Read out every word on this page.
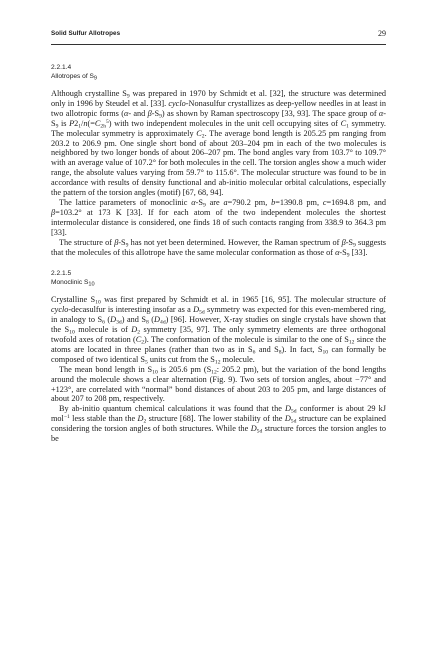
Solid Sulfur Allotropes	29
2.2.1.4
Allotropes of $S_9$

Although crystalline $S_9$ was prepared in 1970 by Schmidt et al. [32], the structure was determined only in 1996 by Steudel et al. [33]. cyclo-Nonasulfur crystallizes as deep-yellow needles in at least in two allotropic forms (α- and $\beta-S_9$) as shown by Raman spectroscopy [33, 93]. The space group of $\alpha-S_9$ is $P2_1/n(=C_{2h}^5)$ with two independent molecules in the unit cell occupying sites of $C_1$ symmetry. The molecular symmetry is approximately $C_2$. The average bond length is 205.25 pm ranging from 203.2 to 206.9 pm. One single short bond of about 203–204 pm in each of the two molecules is neighbored by two longer bonds of about 206–207 pm. The bond angles vary from 103.7° to 109.7° with an average value of 107.2° for both molecules in the cell. The torsion angles show a much wider range, the absolute values varying from 59.7° to 115.6°. The molecular structure was found to be in accordance with results of density functional and ab-initio molecular orbital calculations, especially the pattern of the torsion angles (motif) [67, 68, 94].

The lattice parameters of monoclinic $\alpha-S_9$ are a=790.2 pm, b=1390.8 pm, c=1694.8 pm, and β=103.2° at 173 K [33]. If for each atom of the two independent molecules the shortest intermolecular distance is considered, one finds 18 of such contacts ranging from 338.9 to 364.3 pm [33].

The structure of $\beta-S_9$ has not yet been determined. However, the Raman spectrum of $\beta-S_9$ suggests that the molecules of this allotrope have the same molecular conformation as those of $\alpha-S_9$ [33].

2.2.1.5
Monoclinic $S_{10}$

Crystalline $S_{10}$ was first prepared by Schmidt et al. in 1965 [16, 95]. The molecular structure of cyclo-decasulfur is interesting insofar as a $D_{5d}$ symmetry was expected for this even-membered ring, in analogy to $S_6$ $(D_{3d})$ and $S_8$ $(D_{4d})$ [96]. However, X-ray studies on single crystals have shown that the $S_{10}$ molecule is of $D_2$ symmetry [35, 97]. The only symmetry elements are three orthogonal twofold axes of rotation $(C_2)$. The conformation of the molecule is similar to the one of $S_{12}$ since the atoms are located in three planes (rather than two as in $S_6$ and $S_8$). In fact, $S_{10}$ can formally be composed of two identical $S_5$ units cut from the $S_{12}$ molecule.

The mean bond length in $S_{10}$ is 205.6 pm ($S_{12}$: 205.2 pm), but the variation of the bond lengths around the molecule shows a clear alternation (Fig. 9). Two sets of torsion angles, about −77° and +123°, are correlated with “normal” bond distances of about 203 to 205 pm, and large distances of about 207 to 208 pm, respectively.

By ab-initio quantum chemical calculations it was found that the $D_{5d}$ conformer is about 29 kJ mol$^{-1}$ less stable than the $D_2$ structure [68]. The lower stability of the $D_{5d}$ structure can be explained considering the torsion angles of both structures. While the $D_{5d}$ structure forces the torsion angles to be
